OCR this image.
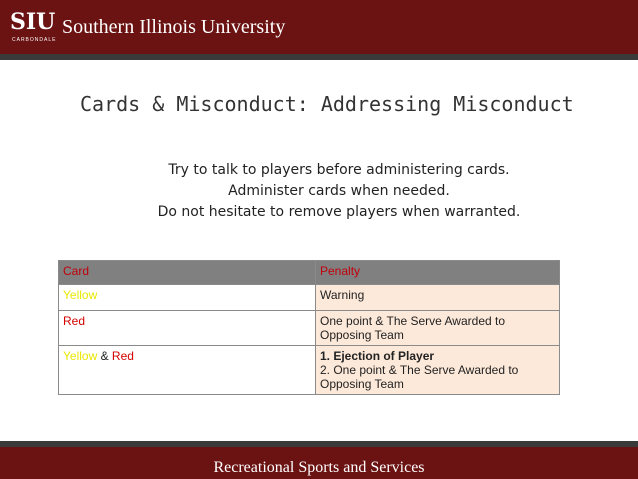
SIU
CARBONDALE
Southern Illinois University
Cards & Misconduct: Addressing Misconduct
Try to talk to players before administering cards.
Administer cards when needed.
Do not hesitate to remove players when warranted.
Card	Penalty
Yellow	Warning

Red	One point & The Serve Awarded to Opposing Team

Yellow & Red	1. Ejection of Player
2. One point & The Serve Awarded to Opposing Team
Recreational Sports and Services
